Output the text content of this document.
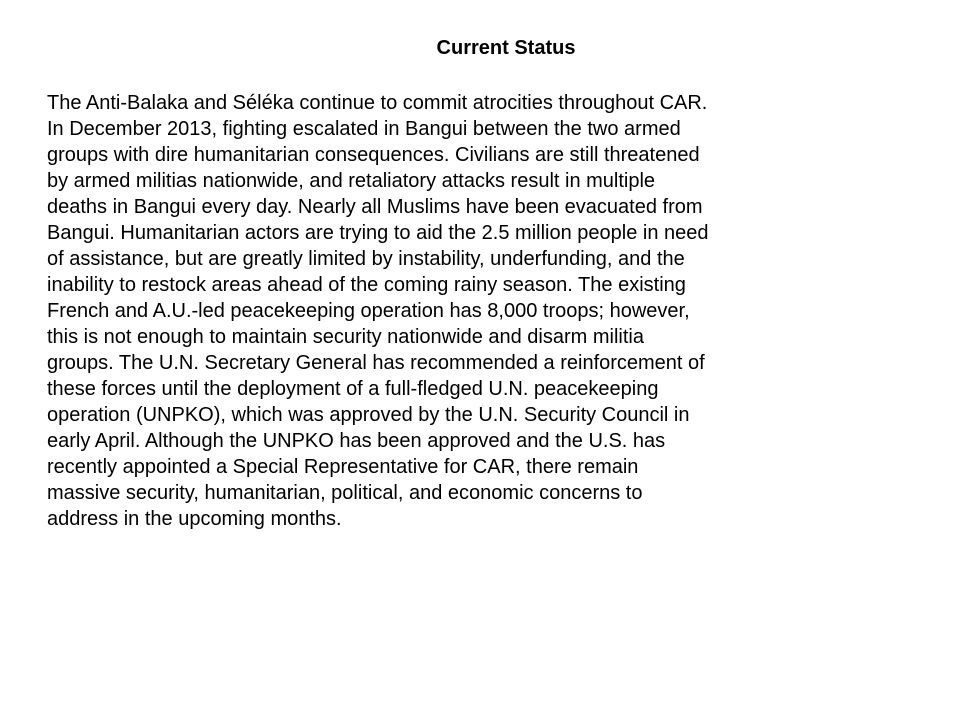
Current Status
The Anti-Balaka and Séléka continue to commit atrocities throughout CAR.
In December 2013, fighting escalated in Bangui between the two armed
groups with dire humanitarian consequences. Civilians are still threatened
by armed militias nationwide, and retaliatory attacks result in multiple
deaths in Bangui every day. Nearly all Muslims have been evacuated from
Bangui. Humanitarian actors are trying to aid the 2.5 million people in need
of assistance, but are greatly limited by instability, underfunding, and the
inability to restock areas ahead of the coming rainy season. The existing
French and A.U.-led peacekeeping operation has 8,000 troops; however,
this is not enough to maintain security nationwide and disarm militia
groups. The U.N. Secretary General has recommended a reinforcement of
these forces until the deployment of a full-fledged U.N. peacekeeping
operation (UNPKO), which was approved by the U.N. Security Council in
early April. Although the UNPKO has been approved and the U.S. has
recently appointed a Special Representative for CAR, there remain
massive security, humanitarian, political, and economic concerns to
address in the upcoming months.
